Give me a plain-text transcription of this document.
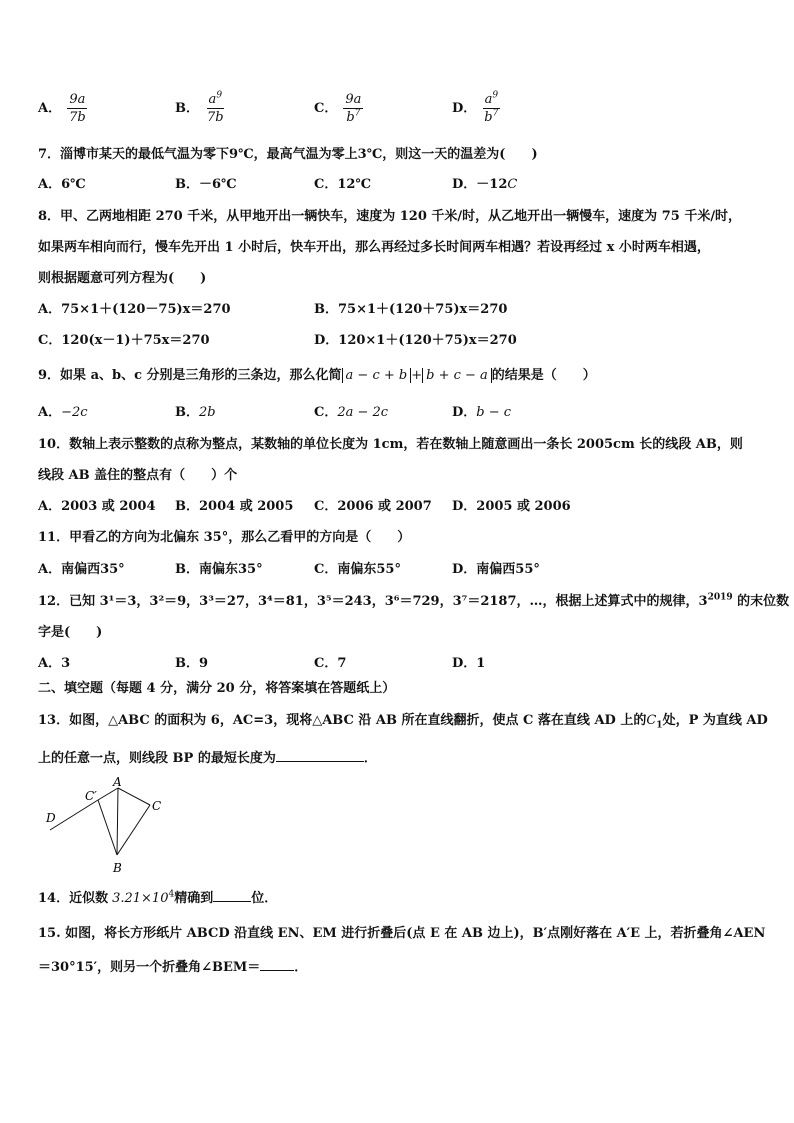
A． $\frac{9a}{7b}$	B． $\frac{a^9}{7b}$	C． $\frac{9a}{b^7}$	D． $\frac{a^9}{b^7}$
7．淄博市某天的最低气温为零下9℃，最高气温为零上3℃，则这一天的温差为(　　)
A．6℃	B．－6℃	C．12℃	D．－12C
8．甲、乙两地相距 270 千米，从甲地开出一辆快车，速度为 120 千米/时，从乙地开出一辆慢车，速度为 75 千米/时，
如果两车相向而行，慢车先开出 1 小时后，快车开出，那么再经过多长时间两车相遇？若设再经过 x 小时两车相遇，
则根据题意可列方程为(　　)
A．75×1＋(120－75)x＝270	B．75×1＋(120＋75)x＝270
C．120(x－1)＋75x＝270	D．120×1＋(120＋75)x＝270
9．如果 a、b、c 分别是三角形的三条边，那么化简 a − c + b + b + c − a 的结果是（　　）
A．−2c	B．2b	C．2a − 2c	D．b − c
10．数轴上表示整数的点称为整点，某数轴的单位长度为 1cm，若在数轴上随意画出一条长 2005cm 长的线段 AB，则
线段 AB 盖住的整点有（　　）个
A．2003 或 2004 B．2004 或 2005 C．2006 或 2007 D．2005 或 2006
11．甲看乙的方向为北偏东 35°，那么乙看甲的方向是（　　）
A．南偏西35°	B．南偏东35°	C．南偏东55°	D．南偏西55°
12．已知 3¹＝3，3²＝9，3³＝27，3⁴＝81，3⁵＝243，3⁶＝729，3⁷＝2187，…，根据上述算式中的规律，$3^{2019}$ 的末位数
字是(　　)
A．3	B．9	C．7	D．1
二、填空题（每题 4 分，满分 20 分，将答案填在答题纸上）
13．如图，△ABC 的面积为 6，AC=3，现将△ABC 沿 AB 所在直线翻折，使点 C 落在直线 AD 上的$C_1$处，P 为直线 AD
上的任意一点，则线段 BP 的最短长度为	．
D
C′
A
C
B
14．近似数 $3.21\times 10^4$精确到	位．
15. 如图，将长方形纸片 ABCD 沿直线 EN、EM 进行折叠后(点 E 在 AB 边上)，B′点刚好落在 A′E 上，若折叠角∠AEN
＝30°15′，则另一个折叠角∠BEM＝	．
